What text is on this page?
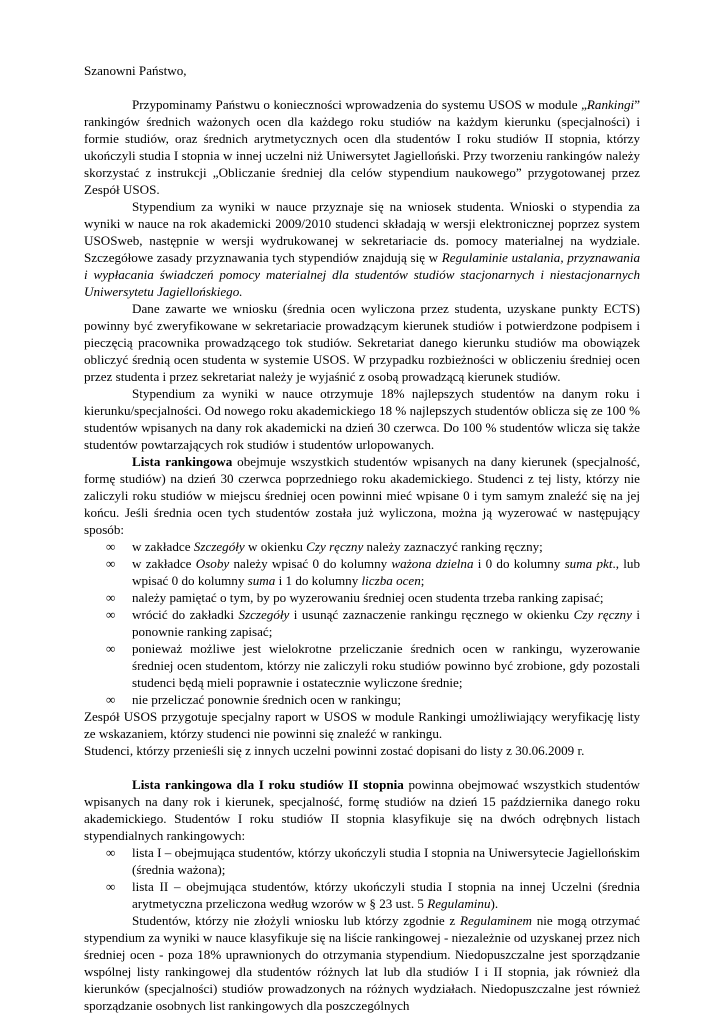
Szanowni Państwo,

Przypominamy Państwu o konieczności wprowadzenia do systemu USOS w module „Rankingi” rankingów średnich ważonych ocen dla każdego roku studiów na każdym kierunku (specjalności) i formie studiów, oraz średnich arytmetycznych ocen dla studentów I roku studiów II stopnia, którzy ukończyli studia I stopnia w innej uczelni niż Uniwersytet Jagielloński. Przy tworzeniu rankingów należy skorzystać z instrukcji „Obliczanie średniej dla celów stypendium naukowego” przygotowanej przez Zespół USOS.

Stypendium za wyniki w nauce przyznaje się na wniosek studenta. Wnioski o stypendia za wyniki w nauce na rok akademicki 2009/2010 studenci składają w wersji elektronicznej poprzez system USOSweb, następnie w wersji wydrukowanej w sekretariacie ds. pomocy materialnej na wydziale. Szczegółowe zasady przyznawania tych stypendiów znajdują się w Regulaminie ustalania, przyznawania i wypłacania świadczeń pomocy materialnej dla studentów studiów stacjonarnych i niestacjonarnych Uniwersytetu Jagiellońskiego.

Dane zawarte we wniosku (średnia ocen wyliczona przez studenta, uzyskane punkty ECTS) powinny być zweryfikowane w sekretariacie prowadzącym kierunek studiów i potwierdzone podpisem i pieczęcią pracownika prowadzącego tok studiów. Sekretariat danego kierunku studiów ma obowiązek obliczyć średnią ocen studenta w systemie USOS. W przypadku rozbieżności w obliczeniu średniej ocen przez studenta i przez sekretariat należy je wyjaśnić z osobą prowadzącą kierunek studiów.

Stypendium za wyniki w nauce otrzymuje 18% najlepszych studentów na danym roku i kierunku/specjalności. Od nowego roku akademickiego 18 % najlepszych studentów oblicza się ze 100 % studentów wpisanych na dany rok akademicki na dzień 30 czerwca. Do 100 % studentów wlicza się także studentów powtarzających rok studiów i studentów urlopowanych.

Lista rankingowa obejmuje wszystkich studentów wpisanych na dany kierunek (specjalność, formę studiów) na dzień 30 czerwca poprzedniego roku akademickiego. Studenci z tej listy, którzy nie zaliczyli roku studiów w miejscu średniej ocen powinni mieć wpisane 0 i tym samym znaleźć się na jej końcu. Jeśli średnia ocen tych studentów została już wyliczona, można ją wyzerować w następujący sposób:

∞ w zakładce Szczegóły w okienku Czy ręczny należy zaznaczyć ranking ręczny;
∞ w zakładce Osoby należy wpisać 0 do kolumny ważona dzielna i 0 do kolumny suma pkt., lub wpisać 0 do kolumny suma i 1 do kolumny liczba ocen;
∞ należy pamiętać o tym, by po wyzerowaniu średniej ocen studenta trzeba ranking zapisać;
∞ wrócić do zakładki Szczegóły i usunąć zaznaczenie rankingu ręcznego w okienku Czy ręczny i ponownie ranking zapisać;
∞ ponieważ możliwe jest wielokrotne przeliczanie średnich ocen w rankingu, wyzerowanie średniej ocen studentom, którzy nie zaliczyli roku studiów powinno być zrobione, gdy pozostali studenci będą mieli poprawnie i ostatecznie wyliczone średnie;
∞ nie przeliczać ponownie średnich ocen w rankingu;

Zespół USOS przygotuje specjalny raport w USOS w module Rankingi umożliwiający weryfikację listy ze wskazaniem, którzy studenci nie powinni się znaleźć w rankingu.

Studenci, którzy przenieśli się z innych uczelni powinni zostać dopisani do listy z 30.06.2009 r.

Lista rankingowa dla I roku studiów II stopnia powinna obejmować wszystkich studentów wpisanych na dany rok i kierunek, specjalność, formę studiów na dzień 15 października danego roku akademickiego. Studentów I roku studiów II stopnia klasyfikuje się na dwóch odrębnych listach stypendialnych rankingowych:

∞ lista I – obejmująca studentów, którzy ukończyli studia I stopnia na Uniwersytecie Jagiellońskim (średnia ważona);
∞ lista II – obejmująca studentów, którzy ukończyli studia I stopnia na innej Uczelni (średnia arytmetyczna przeliczona według wzorów w § 23 ust. 5 Regulaminu).

Studentów, którzy nie złożyli wniosku lub którzy zgodnie z Regulaminem nie mogą otrzymać stypendium za wyniki w nauce klasyfikuje się na liście rankingowej - niezależnie od uzyskanej przez nich średniej ocen - poza 18% uprawnionych do otrzymania stypendium. Niedopuszczalne jest sporządzanie wspólnej listy rankingowej dla studentów różnych lat lub dla studiów I i II stopnia, jak również dla kierunków (specjalności) studiów prowadzonych na różnych wydziałach. Niedopuszczalne jest również sporządzanie osobnych list rankingowych dla poszczególnych
